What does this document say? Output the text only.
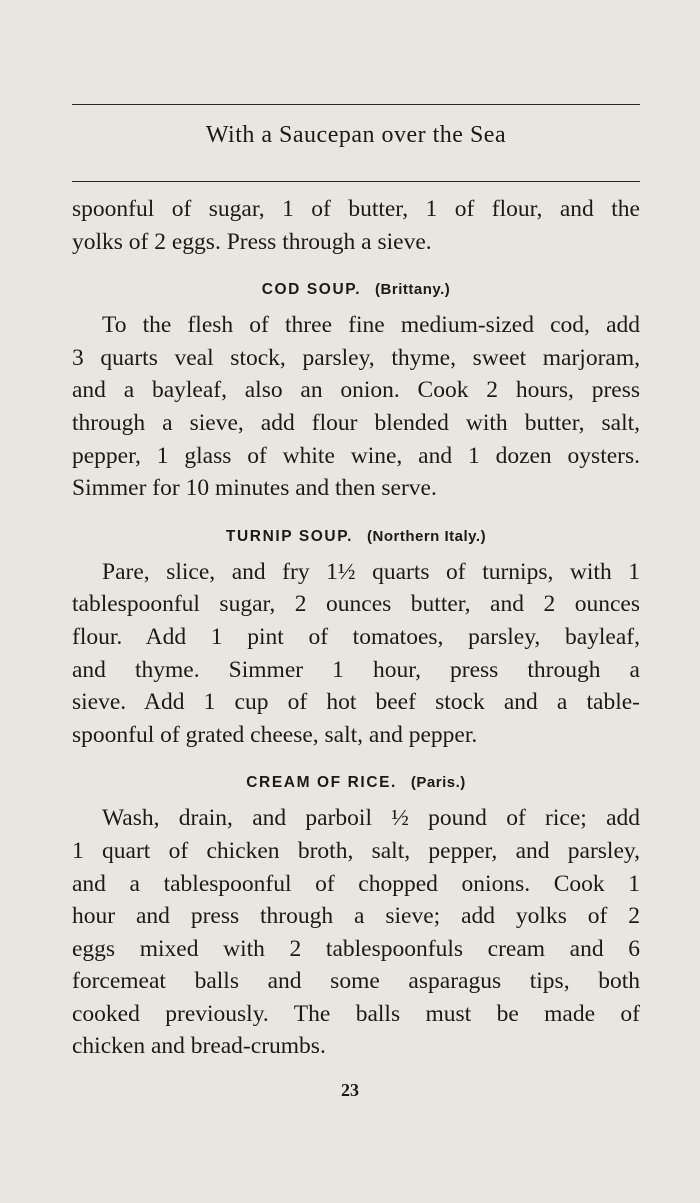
With a Saucepan over the Sea
spoonful of sugar, 1 of butter, 1 of flour, and the
yolks of 2 eggs. Press through a sieve.
COD SOUP. (Brittany.)
To the flesh of three fine medium-sized cod, add
3 quarts veal stock, parsley, thyme, sweet marjoram,
and a bayleaf, also an onion. Cook 2 hours, press
through a sieve, add flour blended with butter, salt,
pepper, 1 glass of white wine, and 1 dozen oysters.
Simmer for 10 minutes and then serve.
TURNIP SOUP. (Northern Italy.)
Pare, slice, and fry 1½ quarts of turnips, with 1
tablespoonful sugar, 2 ounces butter, and 2 ounces
flour. Add 1 pint of tomatoes, parsley, bayleaf,
and thyme. Simmer 1 hour, press through a
sieve. Add 1 cup of hot beef stock and a table-
spoonful of grated cheese, salt, and pepper.
CREAM OF RICE. (Paris.)
Wash, drain, and parboil ½ pound of rice; add
1 quart of chicken broth, salt, pepper, and parsley,
and a tablespoonful of chopped onions. Cook 1
hour and press through a sieve; add yolks of 2
eggs mixed with 2 tablespoonfuls cream and 6
forcemeat balls and some asparagus tips, both
cooked previously. The balls must be made of
chicken and bread-crumbs.
23
